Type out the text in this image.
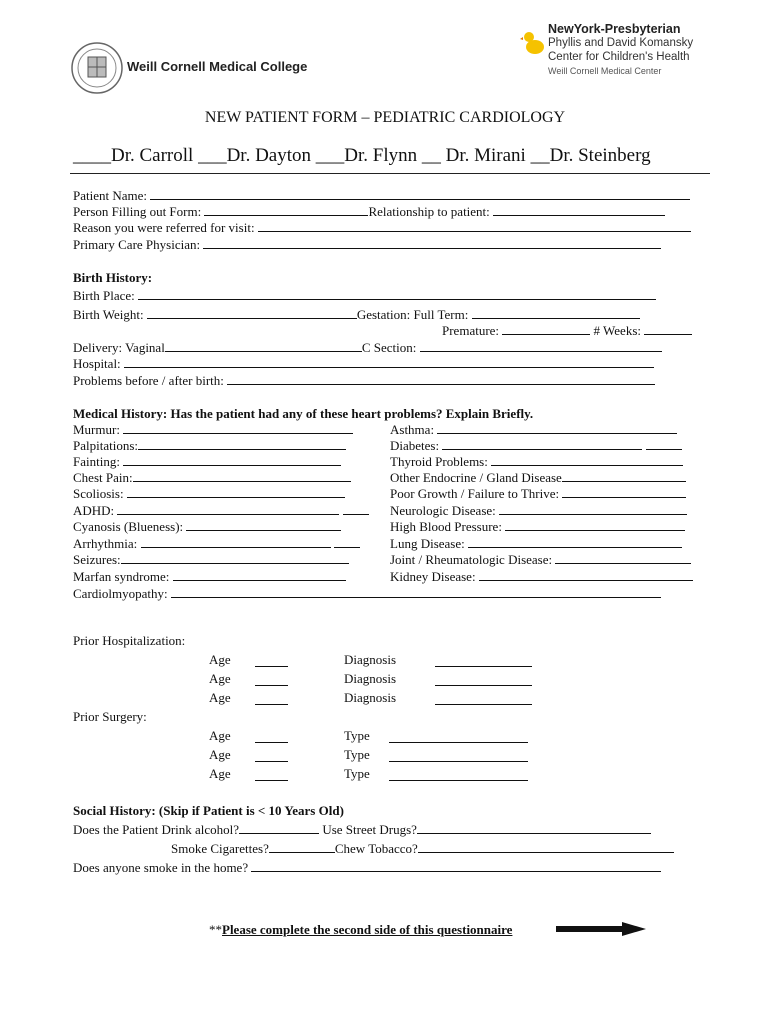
Weill Cornell Medical College
NewYork-Presbyterian
Phyllis and David Komansky
Center for Children's Health
Weill Cornell Medical Center
NEW PATIENT FORM – PEDIATRIC CARDIOLOGY
____Dr. Carroll ___Dr. Dayton ___Dr. Flynn __ Dr. Mirani __Dr. Steinberg
Patient Name:
Person Filling out Form:	Relationship to patient:
Reason you were referred for visit:
Primary Care Physician:
Birth History:
Birth Place:
Birth Weight:	Gestation: Full Term:
Premature:	# Weeks:
Delivery: Vaginal	C Section:
Hospital:
Problems before / after birth:
Medical History: Has the patient had any of these heart problems? Explain Briefly.
Murmur:
Palpitations:
Fainting:
Chest Pain:
Scoliosis:
ADHD:
Cyanosis (Blueness):
Arrhythmia:
Seizures:
Marfan syndrome:
Asthma:
Diabetes:
Thyroid Problems:
Other Endocrine / Gland Disease
Poor Growth / Failure to Thrive:
Neurologic Disease:
High Blood Pressure:
Lung Disease:
Joint / Rheumatologic Disease:
Kidney Disease:
Cardiolmyopathy:
Prior Hospitalization:
Age	Diagnosis
Age	Diagnosis
Age	Diagnosis
Prior Surgery:
Age	Type
Age	Type
Age	Type
Social History: (Skip if Patient is < 10 Years Old)
Does the Patient Drink alcohol?	Use Street Drugs?
Smoke Cigarettes?	Chew Tobacco?
Does anyone smoke in the home?
**Please complete the second side of this questionnaire
